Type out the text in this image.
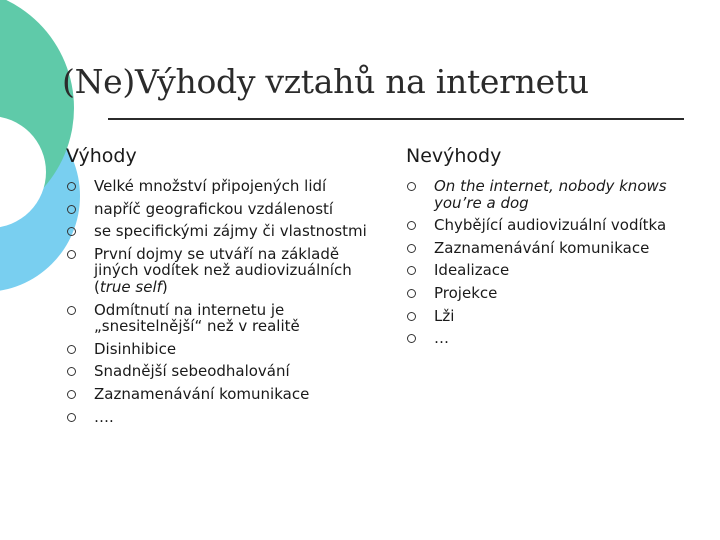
(Ne)Výhody vztahů na internetu
Výhody
Velké množství připojených lidí
napříč geografickou vzdáleností
se specifickými zájmy či vlastnostmi
První dojmy se utváří na základě
jiných vodítek než audiovizuálních
(true self)
Odmítnutí na internetu je
„snesitelnější“ než v realitě
Disinhibice
Snadnější sebeodhalování
Zaznamenávání komunikace
….
Nevýhody
On the internet, nobody knows
you’re a dog
Chybějící audiovizuální vodítka
Zaznamenávání komunikace
Idealizace
Projekce
Lži
…
